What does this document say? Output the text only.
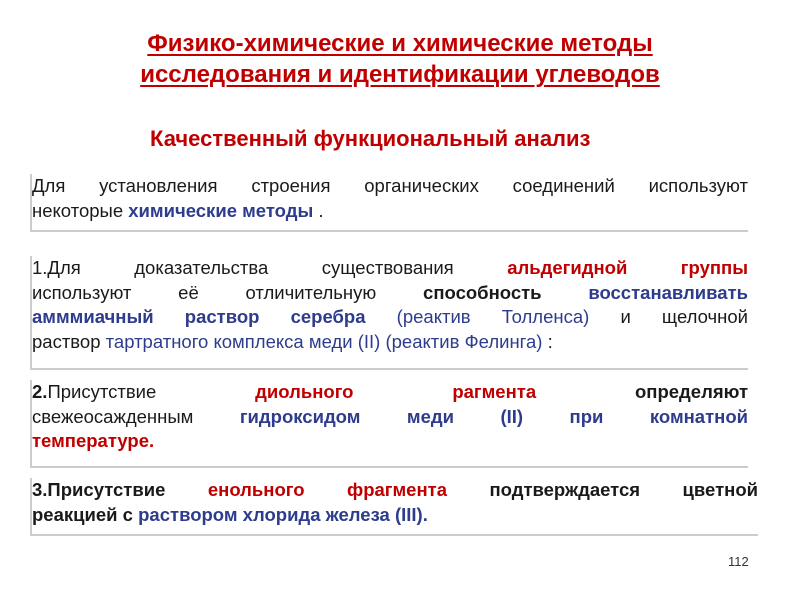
Физико-химические и химические методы
исследования и идентификации углеводов
Качественный функциональный анализ
Для установления строения органических соединений используют
некоторые химические методы .
1.Для доказательства существования альдегидной группы
используют её отличительную способность	восстанавливать
амммиачный раствор серебра (реактив Толленса) и щелочной
раствор тартратного комплекса меди (II) (реактив Фелинга) :
2.Присутствие диольного рагмента определяют
свежеосажденным гидроксидом меди (II) при комнатной
температуре.
3.Присутствие енольного фрагмента подтверждается цветной
реакцией с раствором хлорида железа (III).
112
